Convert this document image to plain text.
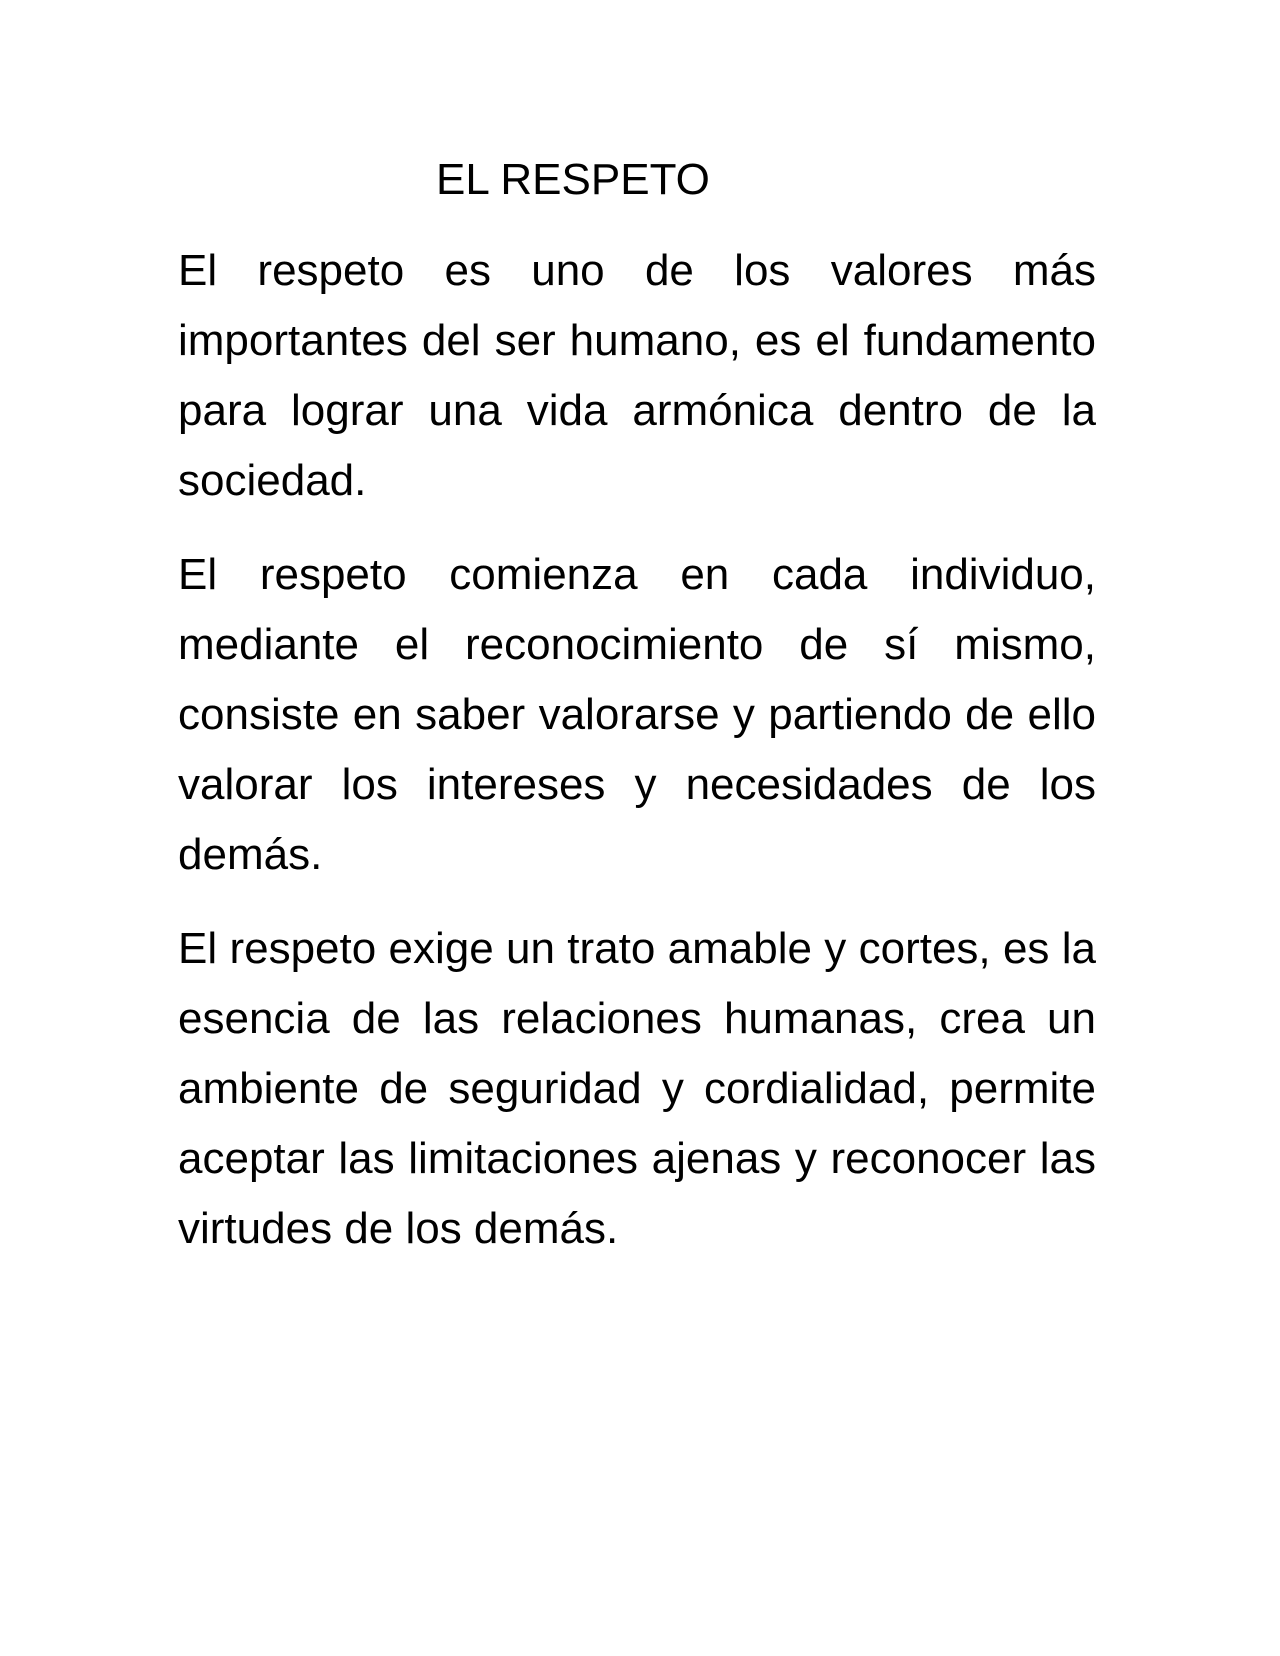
EL RESPETO

El respeto es uno de los valores más importantes del ser humano, es el fundamento para lograr una vida armónica dentro de la sociedad.

El respeto comienza en cada individuo, mediante el reconocimiento de sí mismo, consiste en saber valorarse y partiendo de ello valorar los intereses y necesidades de los demás.

El respeto exige un trato amable y cortes, es la esencia de las relaciones humanas, crea un ambiente de seguridad y cordialidad, permite aceptar las limitaciones ajenas y reconocer las virtudes de los demás.
